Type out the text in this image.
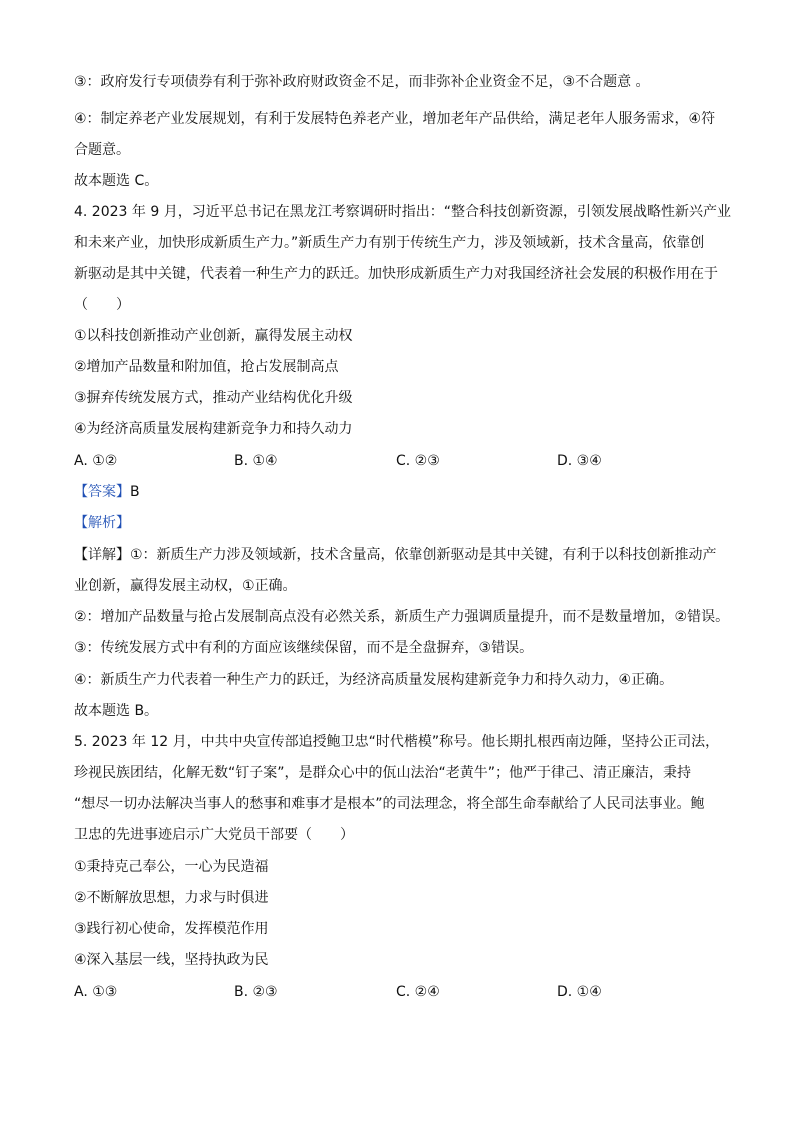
③：政府发行专项债券有利于弥补政府财政资金不足，而非弥补企业资金不足，③不合题意 。
④：制定养老产业发展规划，有利于发展特色养老产业，增加老年产品供给，满足老年人服务需求，④符
合题意。
故本题选 C。
4. 2023 年 9 月，习近平总书记在黑龙江考察调研时指出：“整合科技创新资源，引领发展战略性新兴产业
和未来产业，加快形成新质生产力。”新质生产力有别于传统生产力，涉及领域新，技术含量高，依靠创
新驱动是其中关键，代表着一种生产力的跃迁。加快形成新质生产力对我国经济社会发展的积极作用在于
（　　）
①以科技创新推动产业创新，赢得发展主动权
②增加产品数量和附加值，抢占发展制高点
③摒弃传统发展方式，推动产业结构优化升级
④为经济高质量发展构建新竞争力和持久动力
A. ①②	B. ①④	C. ②③	D. ③④
【答案】B
【解析】
【详解】①：新质生产力涉及领域新，技术含量高，依靠创新驱动是其中关键，有利于以科技创新推动产
业创新，赢得发展主动权，①正确。
②：增加产品数量与抢占发展制高点没有必然关系，新质生产力强调质量提升，而不是数量增加，②错误。
③：传统发展方式中有利的方面应该继续保留，而不是全盘摒弃，③错误。
④：新质生产力代表着一种生产力的跃迁，为经济高质量发展构建新竞争力和持久动力，④正确。
故本题选 B。
5. 2023 年 12 月，中共中央宣传部追授鲍卫忠“时代楷模”称号。他长期扎根西南边陲，坚持公正司法，
珍视民族团结，化解无数“钉子案”，是群众心中的佤山法治“老黄牛”；他严于律己、清正廉洁，秉持
“想尽一切办法解决当事人的愁事和难事才是根本”的司法理念，将全部生命奉献给了人民司法事业。鲍
卫忠的先进事迹启示广大党员干部要（　　）
①秉持克己奉公，一心为民造福
②不断解放思想，力求与时俱进
③践行初心使命，发挥模范作用
④深入基层一线，坚持执政为民
A. ①③	B. ②③	C. ②④	D. ①④
